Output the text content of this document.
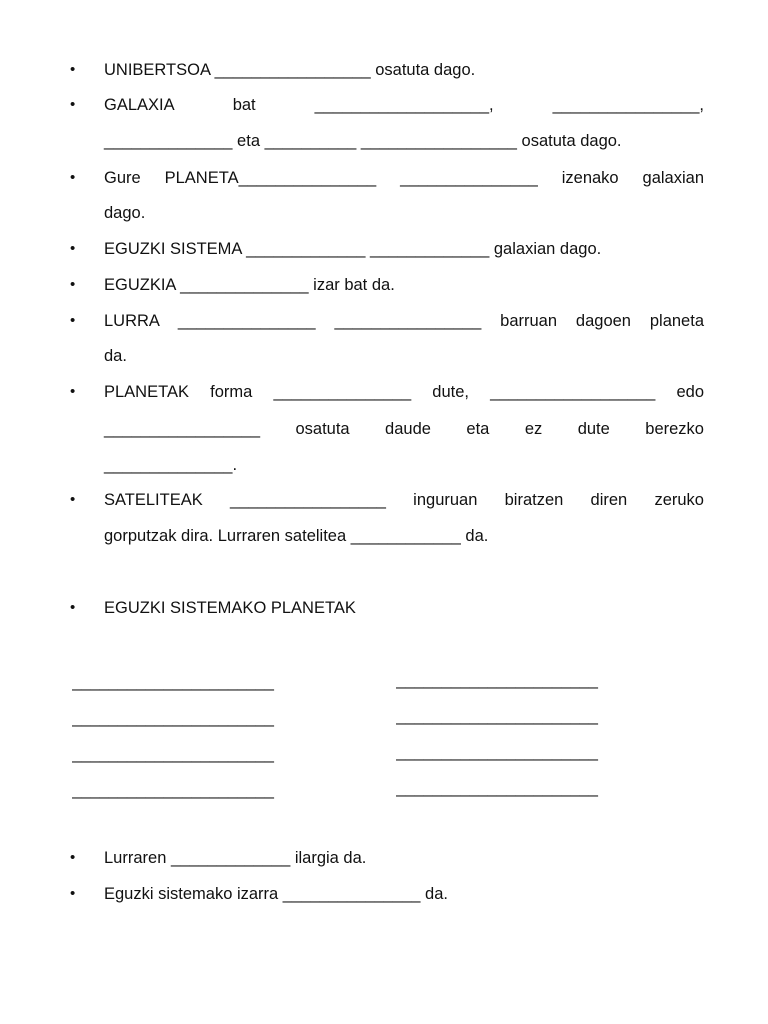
• UNIBERTSOA _________________ osatuta dago.
• GALAXIA bat ___________________, ________________,
______________ eta __________ _________________ osatuta dago.
• Gure PLANETA_______________ _______________ izenako galaxian
dago.
• EGUZKI SISTEMA _____________ _____________ galaxian dago.
• EGUZKIA ______________ izar bat da.
• LURRA _______________ ________________ barruan dagoen planeta
da.
• PLANETAK forma _______________ dute, __________________ edo
_________________ osatuta daude eta ez dute berezko
______________.
• SATELITEAK _________________ inguruan biratzen diren zeruko
gorputzak dira. Lurraren satelitea ____________ da.
• EGUZKI SISTEMAKO PLANETAK
______________________
______________________
______________________
______________________
______________________
______________________
______________________
______________________
• Lurraren _____________ ilargia da.
• Eguzki sistemako izarra _______________ da.
